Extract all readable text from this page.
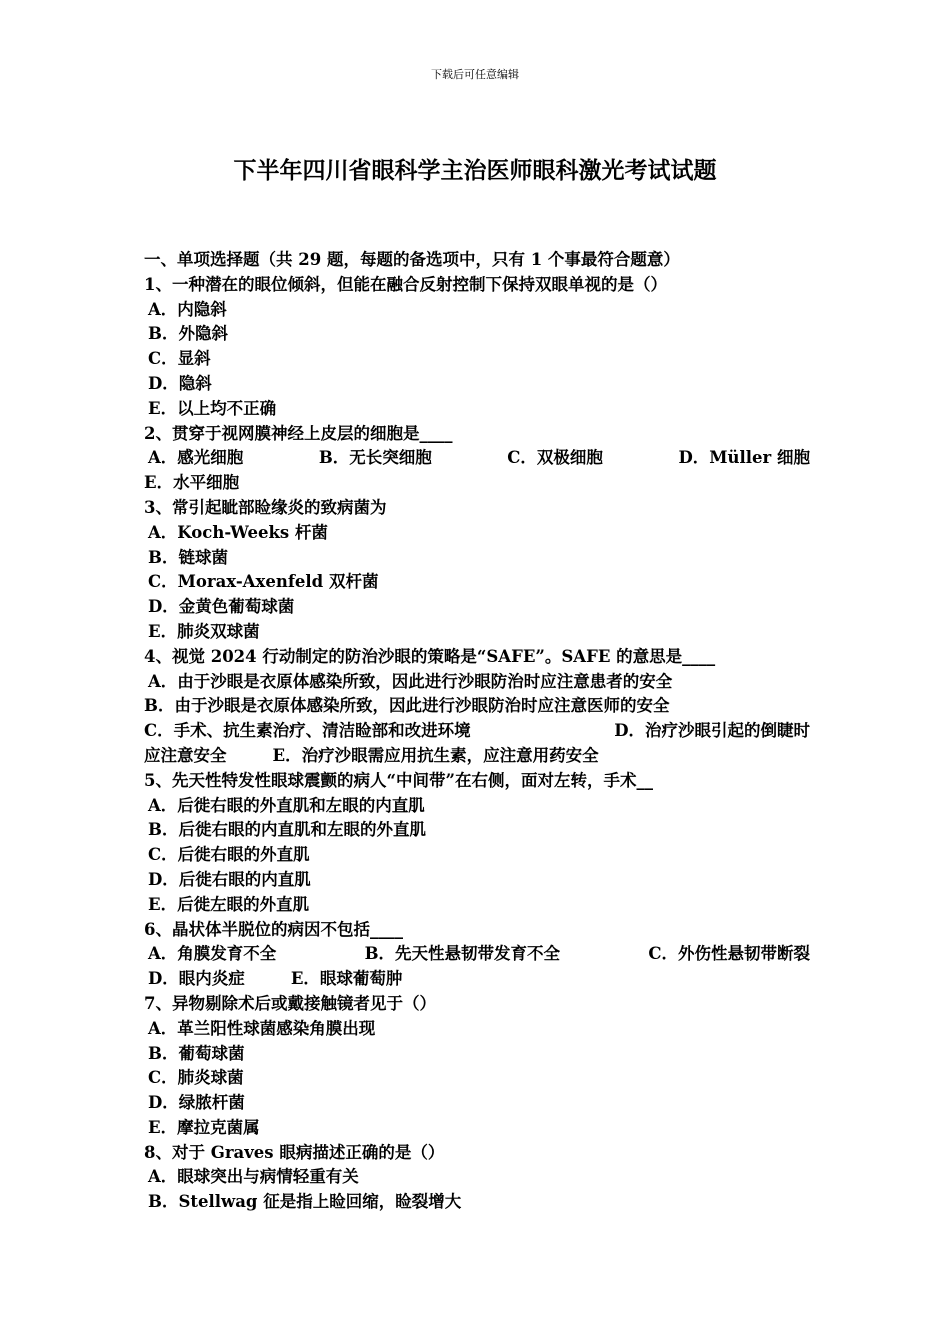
下载后可任意编辑
下半年四川省眼科学主治医师眼科激光考试试题
一、单项选择题（共 29 题，每题的备选项中，只有 1 个事最符合题意）
1、一种潜在的眼位倾斜，但能在融合反射控制下保持双眼单视的是（）
A．内隐斜
B．外隐斜
C．显斜
D．隐斜
E．以上均不正确
2、贯穿于视网膜神经上皮层的细胞是____
A．感光细胞	B．无长突细胞	C．双极细胞	D．Müller 细胞
E．水平细胞
3、常引起眦部睑缘炎的致病菌为
A．Koch-Weeks 杆菌
B．链球菌
C．Morax-Axenfeld 双杆菌
D．金黄色葡萄球菌
E．肺炎双球菌
4、视觉 2024 行动制定的防治沙眼的策略是“SAFE”。SAFE 的意思是____
A．由于沙眼是衣原体感染所致，因此进行沙眼防治时应注意患者的安全
B．由于沙眼是衣原体感染所致，因此进行沙眼防治时应注意医师的安全
C．手术、抗生素治疗、清洁睑部和改进环境	D．治疗沙眼引起的倒睫时
应注意安全	E．治疗沙眼需应用抗生素，应注意用药安全
5、先天性特发性眼球震颤的病人“中间带”在右侧，面对左转，手术__
A．后徙右眼的外直肌和左眼的内直肌
B．后徙右眼的内直肌和左眼的外直肌
C．后徙右眼的外直肌
D．后徙右眼的内直肌
E．后徙左眼的外直肌
6、晶状体半脱位的病因不包括____
A．角膜发育不全	B．先天性悬韧带发育不全	C．外伤性悬韧带断裂
D．眼内炎症	E．眼球葡萄肿
7、异物剔除术后或戴接触镜者见于（）
A．革兰阳性球菌感染角膜出现
B．葡萄球菌
C．肺炎球菌
D．绿脓杆菌
E．摩拉克菌属
8、对于 Graves 眼病描述正确的是（）
A．眼球突出与病情轻重有关
B．Stellwag 征是指上睑回缩，睑裂增大
